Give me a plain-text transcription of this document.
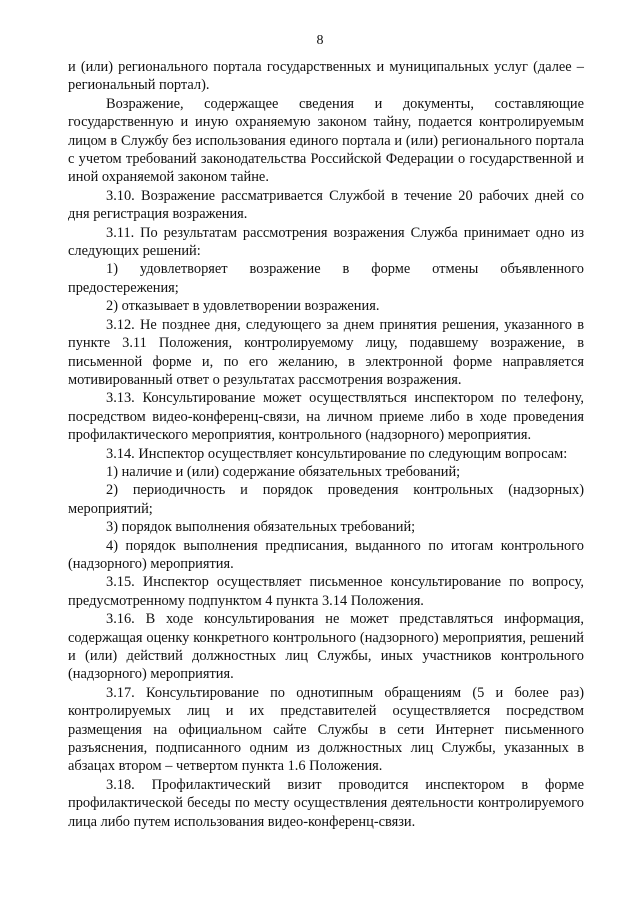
8

и (или) регионального портала государственных и муниципальных услуг (далее – региональный портал).

Возражение, содержащее сведения и документы, составляющие государственную и иную охраняемую законом тайну, подается контролируемым лицом в Службу без использования единого портала и (или) регионального портала с учетом требований законодательства Российской Федерации о государственной и иной охраняемой законом тайне.

3.10. Возражение рассматривается Службой в течение 20 рабочих дней со дня регистрация возражения.

3.11. По результатам рассмотрения возражения Служба принимает одно из следующих решений:

1) удовлетворяет возражение в форме отмены объявленного предостережения;

2) отказывает в удовлетворении возражения.

3.12. Не позднее дня, следующего за днем принятия решения, указанного в пункте 3.11 Положения, контролируемому лицу, подавшему возражение, в письменной форме и, по его желанию, в электронной форме направляется мотивированный ответ о результатах рассмотрения возражения.

3.13. Консультирование может осуществляться инспектором по телефону, посредством видео-конференц-связи, на личном приеме либо в ходе проведения профилактического мероприятия, контрольного (надзорного) мероприятия.

3.14. Инспектор осуществляет консультирование по следующим вопросам:

1) наличие и (или) содержание обязательных требований;

2) периодичность и порядок проведения контрольных (надзорных) мероприятий;

3) порядок выполнения обязательных требований;

4) порядок выполнения предписания, выданного по итогам контрольного (надзорного) мероприятия.

3.15. Инспектор осуществляет письменное консультирование по вопросу, предусмотренному подпунктом 4 пункта 3.14 Положения.

3.16. В ходе консультирования не может представляться информация, содержащая оценку конкретного контрольного (надзорного) мероприятия, решений и (или) действий должностных лиц Службы, иных участников контрольного (надзорного) мероприятия.

3.17. Консультирование по однотипным обращениям (5 и более раз) контролируемых лиц и их представителей осуществляется посредством размещения на официальном сайте Службы в сети Интернет письменного разъяснения, подписанного одним из должностных лиц Службы, указанных в абзацах втором – четвертом пункта 1.6 Положения.

3.18. Профилактический визит проводится инспектором в форме профилактической беседы по месту осуществления деятельности контролируемого лица либо путем использования видео-конференц-связи.
